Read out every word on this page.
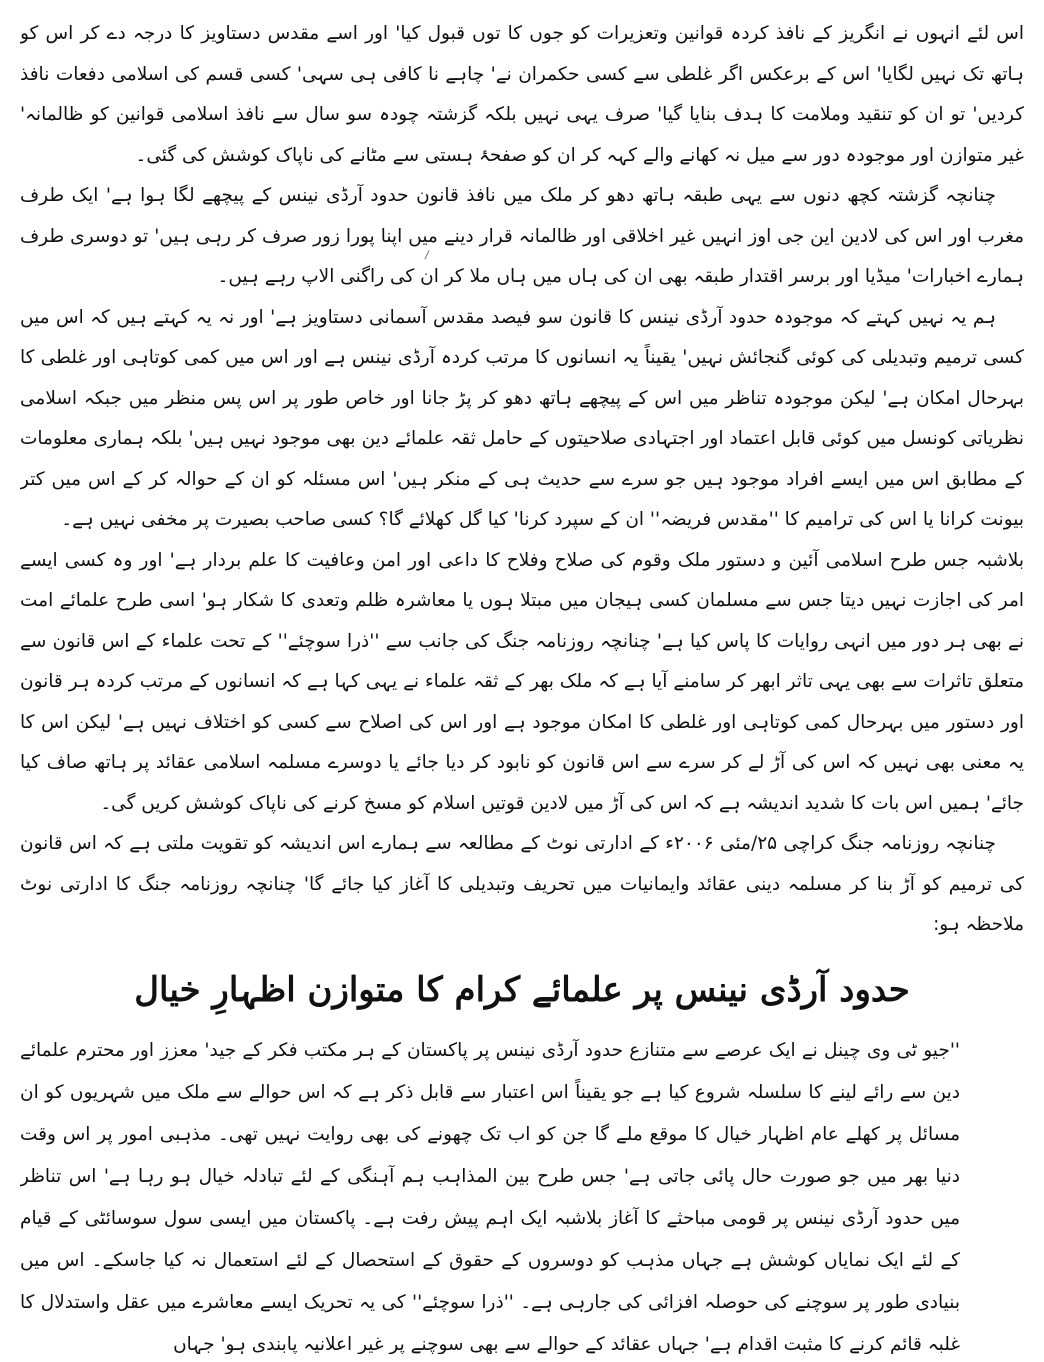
اس لئے انہوں نے انگریز کے نافذ کردہ قوانین وتعزیرات کو جوں کا توں قبول کیا' اور اسے مقدس دستاویز کا درجہ دے کر اس کو ہاتھ تک نہیں لگایا' اس کے برعکس اگر غلطی سے کسی حکمران نے' چاہے نا کافی ہی سہی' کسی قسم کی اسلامی دفعات نافذ کردیں' تو ان کو تنقید وملامت کا ہدف بنایا گیا' صرف یہی نہیں بلکہ گزشتہ چودہ سو سال سے نافذ اسلامی قوانین کو ظالمانہ' غیر متوازن اور موجودہ دور سے میل نہ کھانے والے کہہ کر ان کو صفحۂ ہستی سے مٹانے کی ناپاک کوشش کی گئی۔

چنانچہ گزشتہ کچھ دنوں سے یہی طبقہ ہاتھ دھو کر ملک میں نافذ قانون حدود آرڈی نینس کے پیچھے لگا ہوا ہے' ایک طرف مغرب اور اس کی لادین این جی اوز انہیں غیر اخلاقی اور ظالمانہ قرار دینے میں اپنا پورا زور صرف کر رہی ہیں' تو دوسری طرف ہمارے اخبارات' میڈیا اور برسر اقتدار طبقہ بھی ان کی ہاں میں ہاں ملا کر ان کی راگنی الاپ رہے ہیں۔

ہم یہ نہیں کہتے کہ موجودہ حدود آرڈی نینس کا قانون سو فیصد مقدس آسمانی دستاویز ہے' اور نہ یہ کہتے ہیں کہ اس میں کسی ترمیم وتبدیلی کی کوئی گنجائش نہیں' یقیناً یہ انسانوں کا مرتب کردہ آرڈی نینس ہے اور اس میں کمی کوتاہی اور غلطی کا بہرحال امکان ہے' لیکن موجودہ تناظر میں اس کے پیچھے ہاتھ دھو کر پڑ جانا اور خاص طور پر اس پس منظر میں جبکہ اسلامی نظریاتی کونسل میں کوئی قابل اعتماد اور اجتہادی صلاحیتوں کے حامل ثقہ علمائے دین بھی موجود نہیں ہیں' بلکہ ہماری معلومات کے مطابق اس میں ایسے افراد موجود ہیں جو سرے سے حدیث ہی کے منکر ہیں' اس مسئلہ کو ان کے حوالہ کر کے اس میں کتر بیونت کرانا یا اس کی ترامیم کا ''مقدس فریضہ'' ان کے سپرد کرنا' کیا گل کھلائے گا؟ کسی صاحب بصیرت پر مخفی نہیں ہے۔

بلاشبہ جس طرح اسلامی آئین و دستور ملک وقوم کی صلاح وفلاح کا داعی اور امن وعافیت کا علم بردار ہے' اور وہ کسی ایسے امر کی اجازت نہیں دیتا جس سے مسلمان کسی ہیجان میں مبتلا ہوں یا معاشرہ ظلم وتعدی کا شکار ہو' اسی طرح علمائے امت نے بھی ہر دور میں انہی روایات کا پاس کیا ہے' چنانچہ روزنامہ جنگ کی جانب سے ''ذرا سوچئے'' کے تحت علماء کے اس قانون سے متعلق تاثرات سے بھی یہی تاثر ابھر کر سامنے آیا ہے کہ ملک بھر کے ثقہ علماء نے یہی کہا ہے کہ انسانوں کے مرتب کردہ ہر قانون اور دستور میں بہرحال کمی کوتاہی اور غلطی کا امکان موجود ہے اور اس کی اصلاح سے کسی کو اختلاف نہیں ہے' لیکن اس کا یہ معنی بھی نہیں کہ اس کی آڑ لے کر سرے سے اس قانون کو نابود کر دیا جائے یا دوسرے مسلمہ اسلامی عقائد پر ہاتھ صاف کیا جائے' ہمیں اس بات کا شدید اندیشہ ہے کہ اس کی آڑ میں لادین قوتیں اسلام کو مسخ کرنے کی ناپاک کوشش کریں گی۔

چنانچہ روزنامہ جنگ کراچی ۲۵/مئی ۲۰۰۶ء کے ادارتی نوٹ کے مطالعہ سے ہمارے اس اندیشہ کو تقویت ملتی ہے کہ اس قانون کی ترمیم کو آڑ بنا کر مسلمہ دینی عقائد وایمانیات میں تحریف وتبدیلی کا آغاز کیا جائے گا' چنانچہ روزنامہ جنگ کا ادارتی نوٹ ملاحظہ ہو:

حدود آرڈی نینس پر علمائے کرام کا متوازن اظہارِ خیال

''جیو ٹی وی چینل نے ایک عرصے سے متنازع حدود آرڈی نینس پر پاکستان کے ہر مکتب فکر کے جید' معزز اور محترم علمائے دین سے رائے لینے کا سلسلہ شروع کیا ہے جو یقیناً اس اعتبار سے قابل ذکر ہے کہ اس حوالے سے ملک میں شہریوں کو ان مسائل پر کھلے عام اظہار خیال کا موقع ملے گا جن کو اب تک چھونے کی بھی روایت نہیں تھی۔ مذہبی امور پر اس وقت دنیا بھر میں جو صورت حال پائی جاتی ہے' جس طرح بین المذاہب ہم آہنگی کے لئے تبادلہ خیال ہو رہا ہے' اس تناظر میں حدود آرڈی نینس پر قومی مباحثے کا آغاز بلاشبہ ایک اہم پیش رفت ہے۔ پاکستان میں ایسی سول سوسائٹی کے قیام کے لئے ایک نمایاں کوشش ہے جہاں مذہب کو دوسروں کے حقوق کے استحصال کے لئے استعمال نہ کیا جاسکے۔ اس میں بنیادی طور پر سوچنے کی حوصلہ افزائی کی جارہی ہے۔ ''ذرا سوچئے'' کی یہ تحریک ایسے معاشرے میں عقل واستدلال کا غلبہ قائم کرنے کا مثبت اقدام ہے' جہاں عقائد کے حوالے سے بھی سوچنے پر غیر اعلانیہ پابندی ہو' جہاں
